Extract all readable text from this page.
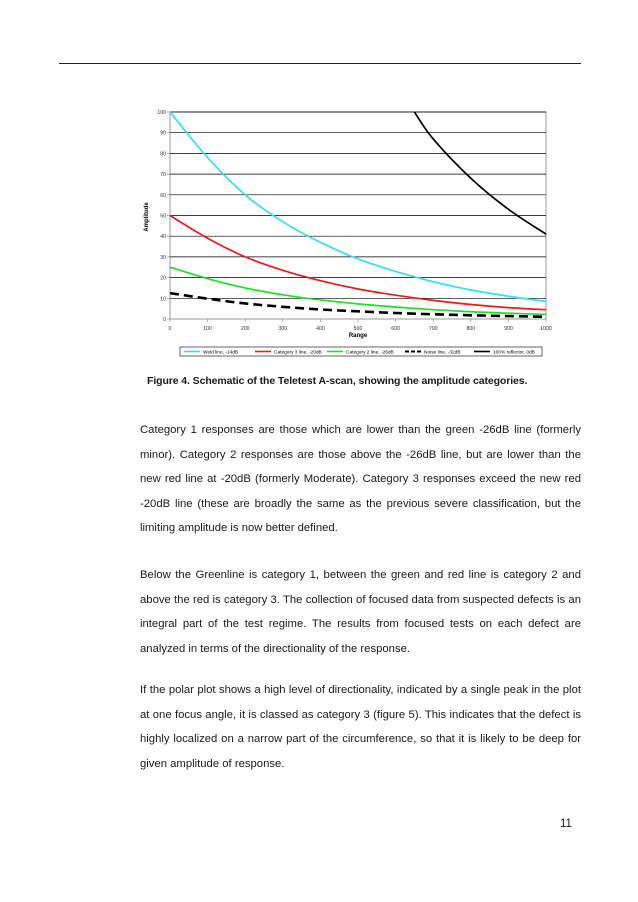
0
10
20
30
40
50
60
70
80
90
100
0	100	200	300	400	500	600	700	800	900	1000
Amplitude
Range
Weld line, -14dB	Category 3 line, -20dB	Category 2 line, -26dB	Noise line, -32dB	100% reflector, 0dB
Figure 4. Schematic of the Teletest A-scan, showing the amplitude categories.
Category 1 responses are those which are lower than the green -26dB line (formerly minor). Category 2 responses are those above the -26dB line, but are lower than the new red line at -20dB (formerly Moderate). Category 3 responses exceed the new red -20dB line (these are broadly the same as the previous severe classification, but the limiting amplitude is now better defined.
Below the Greenline is category 1, between the green and red line is category 2 and above the red is category 3. The collection of focused data from suspected defects is an integral part of the test regime. The results from focused tests on each defect are analyzed in terms of the directionality of the response.
If the polar plot shows a high level of directionality, indicated by a single peak in the plot at one focus angle, it is classed as category 3 (figure 5). This indicates that the defect is highly localized on a narrow part of the circumference, so that it is likely to be deep for given amplitude of response.
11
